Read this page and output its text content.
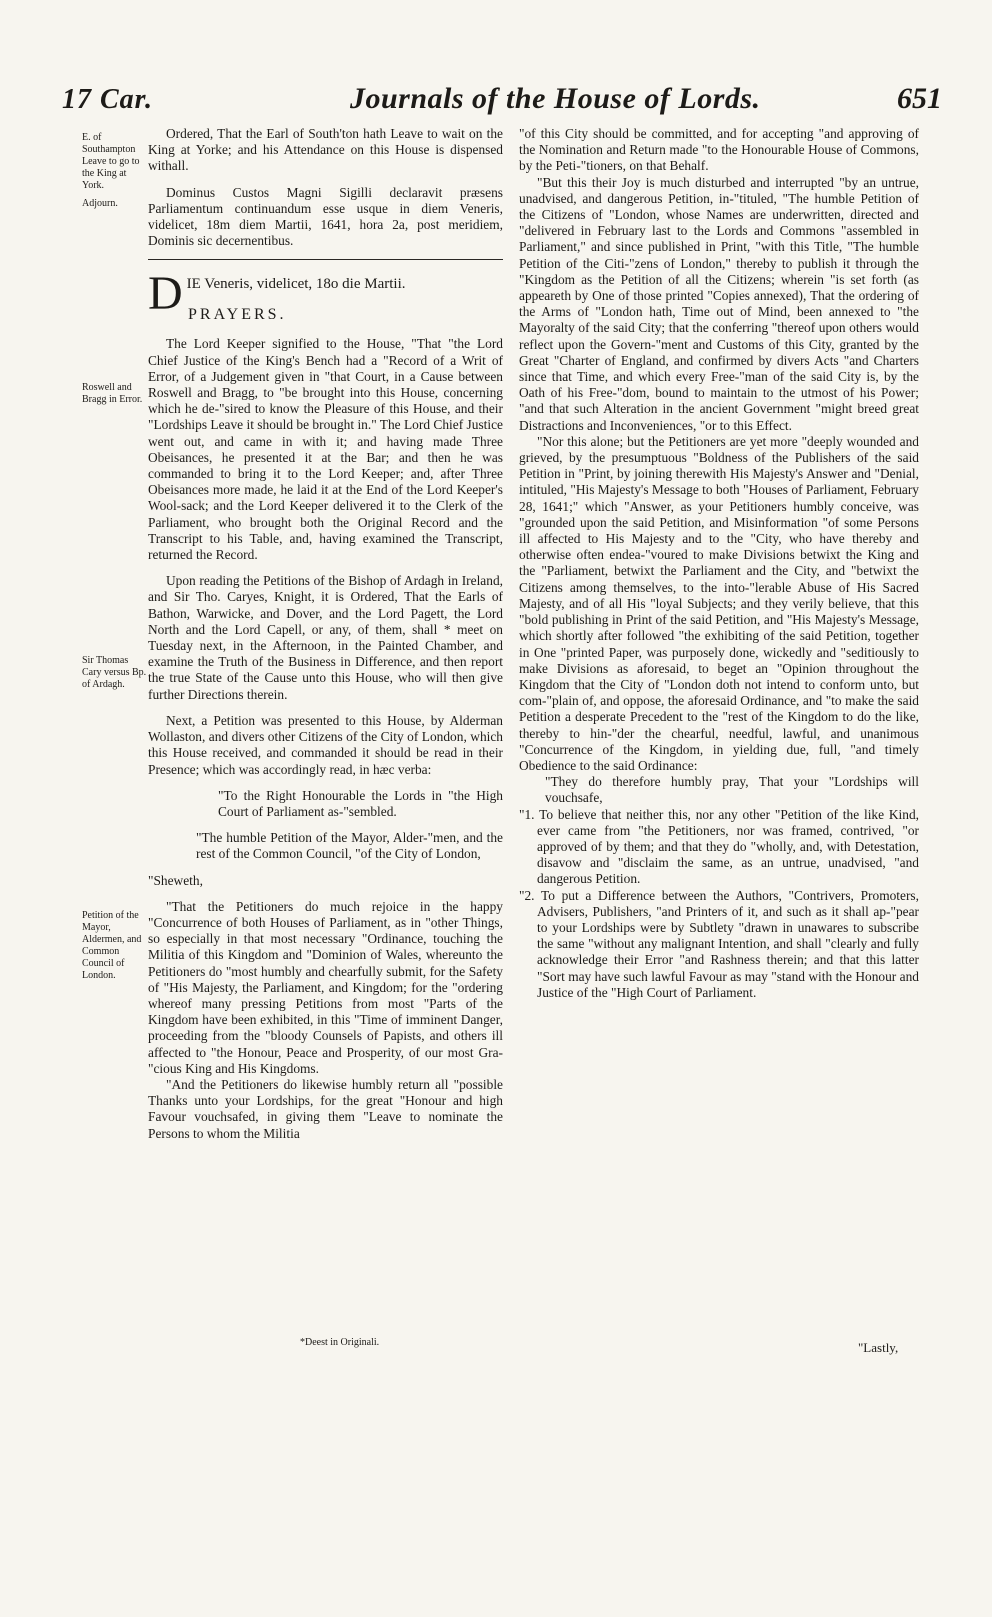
17 Car.	Journals of the House of Lords.	651
E. of Southampton Leave to go to the King at York.
Adjourn.
Roswell and Bragg in Error.
Sir Thomas Cary versus Bp. of Ardagh.
Petition of the Mayor, Aldermen, and Common Council of London.

Ordered, That the Earl of South'ton hath Leave to wait on the King at Yorke; and his Attendance on this House is dispensed withall.

Dominus Custos Magni Sigilli declaravit præsens Parliamentum continuandum esse usque in diem Veneris, videlicet, 18m diem Martii, 1641, hora 2a, post meridiem, Dominis sic decernentibus.

D IE Veneris, videlicet, 18o die Martii.
PRAYERS.

The Lord Keeper signified to the House, "That "the Lord Chief Justice of the King's Bench had a "Record of a Writ of Error, of a Judgement given in "that Court, in a Cause between Roswell and Bragg, to "be brought into this House, concerning which he de-"sired to know the Pleasure of this House, and their "Lordships Leave it should be brought in." The Lord Chief Justice went out, and came in with it; and having made Three Obeisances, he presented it at the Bar; and then he was commanded to bring it to the Lord Keeper; and, after Three Obeisances more made, he laid it at the End of the Lord Keeper's Wool-sack; and the Lord Keeper delivered it to the Clerk of the Parliament, who brought both the Original Record and the Transcript to his Table, and, having examined the Transcript, returned the Record.

Upon reading the Petitions of the Bishop of Ardagh in Ireland, and Sir Tho. Caryes, Knight, it is Ordered, That the Earls of Bathon, Warwicke, and Dover, and the Lord Pagett, the Lord North and the Lord Capell, or any, of them, shall * meet on Tuesday next, in the Afternoon, in the Painted Chamber, and examine the Truth of the Business in Difference, and then report the true State of the Cause unto this House, who will then give further Directions therein.

Next, a Petition was presented to this House, by Alderman Wollaston, and divers other Citizens of the City of London, which this House received, and commanded it should be read in their Presence; which was accordingly read, in hæc verba:

"To the Right Honourable the Lords in "the High Court of Parliament as-"sembled.

"The humble Petition of the Mayor, Alder-"men, and the rest of the Common Council, "of the City of London,

"Sheweth,

"That the Petitioners do much rejoice in the happy "Concurrence of both Houses of Parliament, as in "other Things, so especially in that most necessary "Ordinance, touching the Militia of this Kingdom and "Dominion of Wales, whereunto the Petitioners do "most humbly and chearfully submit, for the Safety of "His Majesty, the Parliament, and Kingdom; for the "ordering whereof many pressing Petitions from most "Parts of the Kingdom have been exhibited, in this "Time of imminent Danger, proceeding from the "bloody Counsels of Papists, and others ill affected to "the Honour, Peace and Prosperity, of our most Gra-"cious King and His Kingdoms.

"And the Petitioners do likewise humbly return all "possible Thanks unto your Lordships, for the great "Honour and high Favour vouchsafed, in giving them "Leave to nominate the Persons to whom the Militia

"of this City should be committed, and for accepting "and approving of the Nomination and Return made "to the Honourable House of Commons, by the Peti-"tioners, on that Behalf.

"But this their Joy is much disturbed and interrupted "by an untrue, unadvised, and dangerous Petition, in-"tituled, "The humble Petition of the Citizens of "London, whose Names are underwritten, directed and "delivered in February last to the Lords and Commons "assembled in Parliament," and since published in Print, "with this Title, "The humble Petition of the Citi-"zens of London," thereby to publish it through the "Kingdom as the Petition of all the Citizens; wherein "is set forth (as appeareth by One of those printed "Copies annexed), That the ordering of the Arms of "London hath, Time out of Mind, been annexed to "the Mayoralty of the said City; that the conferring "thereof upon others would reflect upon the Govern-"ment and Customs of this City, granted by the Great "Charter of England, and confirmed by divers Acts "and Charters since that Time, and which every Free-"man of the said City is, by the Oath of his Free-"dom, bound to maintain to the utmost of his Power; "and that such Alteration in the ancient Government "might breed great Distractions and Inconveniences, "or to this Effect.

"Nor this alone; but the Petitioners are yet more "deeply wounded and grieved, by the presumptuous "Boldness of the Publishers of the said Petition in "Print, by joining therewith His Majesty's Answer and "Denial, intituled, "His Majesty's Message to both "Houses of Parliament, February 28, 1641;" which "Answer, as your Petitioners humbly conceive, was "grounded upon the said Petition, and Misinformation "of some Persons ill affected to His Majesty and to the "City, who have thereby and otherwise often endea-"voured to make Divisions betwixt the King and the "Parliament, betwixt the Parliament and the City, and "betwixt the Citizens among themselves, to the into-"lerable Abuse of His Sacred Majesty, and of all His "loyal Subjects; and they verily believe, that this "bold publishing in Print of the said Petition, and "His Majesty's Message, which shortly after followed "the exhibiting of the said Petition, together in One "printed Paper, was purposely done, wickedly and "seditiously to make Divisions as aforesaid, to beget an "Opinion throughout the Kingdom that the City of "London doth not intend to conform unto, but com-"plain of, and oppose, the aforesaid Ordinance, and "to make the said Petition a desperate Precedent to the "rest of the Kingdom to do the like, thereby to hin-"der the chearful, needful, lawful, and unanimous "Concurrence of the Kingdom, in yielding due, full, "and timely Obedience to the said Ordinance:

"They do therefore humbly pray, That your "Lordships will vouchsafe,

"1. To believe that neither this, nor any other "Petition of the like Kind, ever came from "the Petitioners, nor was framed, contrived, "or approved of by them; and that they do "wholly, and, with Detestation, disavow and "disclaim the same, as an untrue, unadvised, "and dangerous Petition.

"2. To put a Difference between the Authors, "Contrivers, Promoters, Advisers, Publishers, "and Printers of it, and such as it shall ap-"pear to your Lordships were by Subtlety "drawn in unawares to subscribe the same "without any malignant Intention, and shall "clearly and fully acknowledge their Error "and Rashness therein; and that this latter "Sort may have such lawful Favour as may "stand with the Honour and Justice of the "High Court of Parliament.

*Deest in Originali.	"Lastly,
